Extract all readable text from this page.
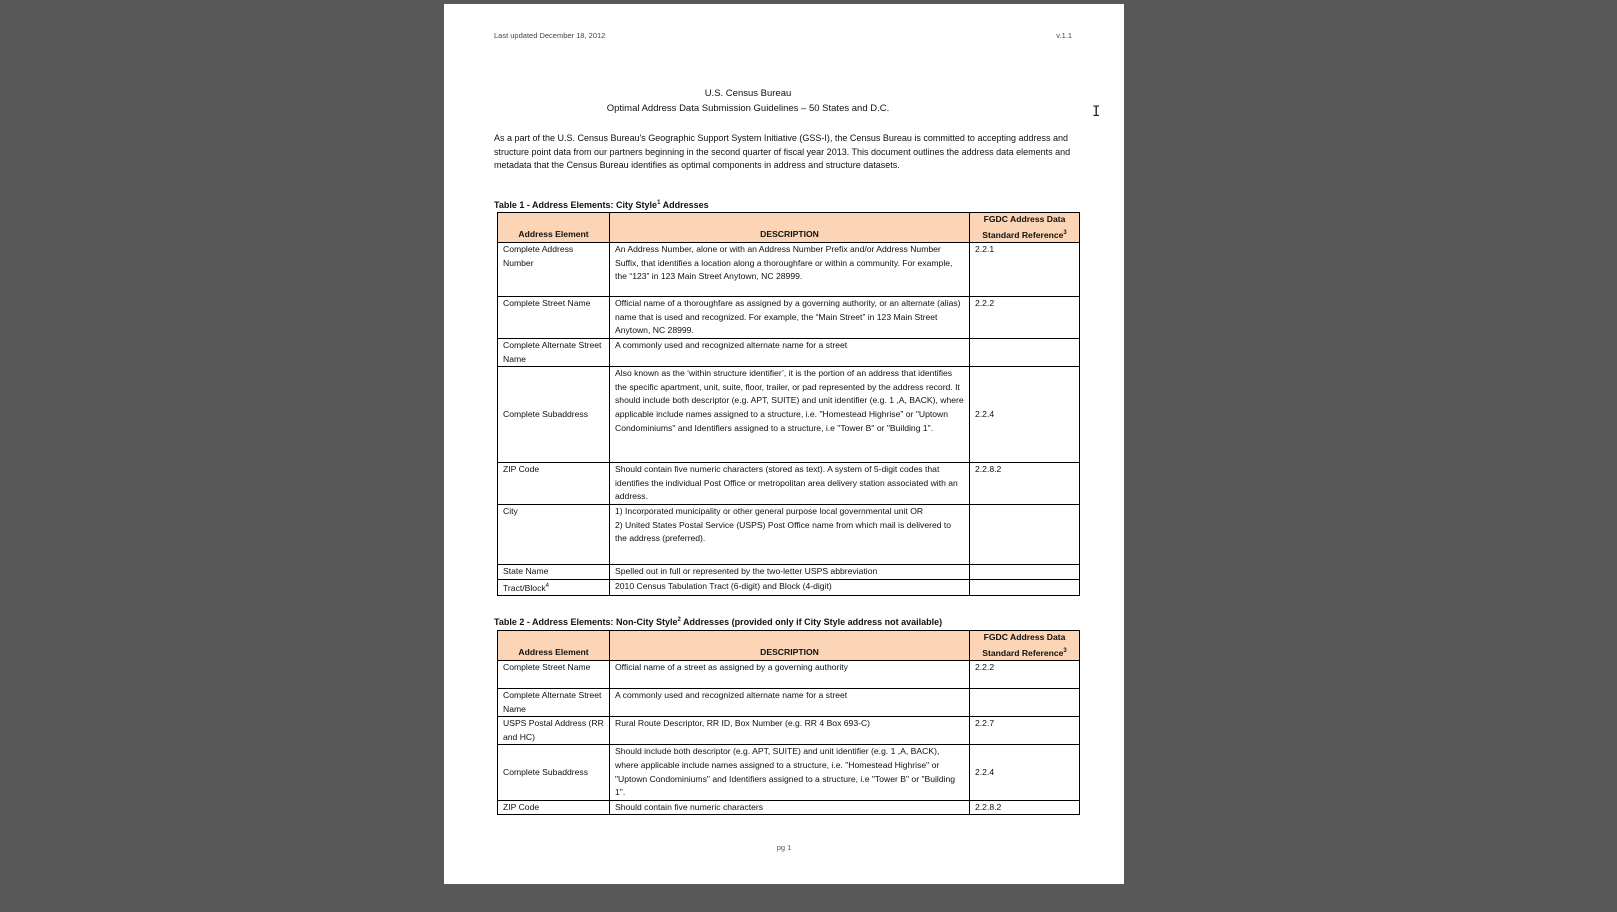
Last updated December 18, 2012	v.1.1
U.S. Census Bureau
Optimal Address Data Submission Guidelines – 50 States and D.C.
As a part of the U.S. Census Bureau's Geographic Support System Initiative (GSS-I), the Census Bureau is committed to accepting address and structure point data from our partners beginning in the second quarter of fiscal year 2013. This document outlines the address data elements and metadata that the Census Bureau identifies as optimal components in address and structure datasets.
Table 1 - Address Elements: City Style$^1$ Addresses
Address Element	DESCRIPTION	FGDC Address Data Standard Reference$^3$
Complete Address Number	An Address Number, alone or with an Address Number Prefix and/or Address Number Suffix, that identifies a location along a thoroughfare or within a community. For example, the “123” in 123 Main Street Anytown, NC 28999.	2.2.1
Complete Street Name	Official name of a thoroughfare as assigned by a governing authority, or an alternate (alias) name that is used and recognized. For example, the “Main Street” in 123 Main Street Anytown, NC 28999.	2.2.2
Complete Alternate Street Name	A commonly used and recognized alternate name for a street	
Complete Subaddress	Also known as the ‘within structure identifier’, it is the portion of an address that identifies the specific apartment, unit, suite, floor, trailer, or pad represented by the address record. It should include both descriptor (e.g. APT, SUITE) and unit identifier (e.g. 1 ,A, BACK), where applicable include names assigned to a structure, i.e. "Homestead Highrise" or "Uptown Condominiums" and Identifiers assigned to a structure, i.e "Tower B" or "Building 1".	2.2.4
ZIP Code	Should contain five numeric characters (stored as text). A system of 5-digit codes that identifies the individual Post Office or metropolitan area delivery station associated with an address.	2.2.8.2
City	1) Incorporated municipality or other general purpose local governmental unit OR
2) United States Postal Service (USPS) Post Office name from which mail is delivered to the address (preferred).	
State Name	Spelled out in full or represented by the two-letter USPS abbreviation	
Tract/Block$^4$	2010 Census Tabulation Tract (6-digit) and Block (4-digit)	
Table 2 - Address Elements: Non-City Style$^2$ Addresses (provided only if City Style address not available)
Address Element	DESCRIPTION	FGDC Address Data Standard Reference$^3$
Complete Street Name	Official name of a street as assigned by a governing authority	2.2.2
Complete Alternate Street Name	A commonly used and recognized alternate name for a street	
USPS Postal Address (RR and HC)	Rural Route Descriptor, RR ID, Box Number (e.g. RR 4 Box 693-C)	2.2.7
Complete Subaddress	Should include both descriptor (e.g. APT, SUITE) and unit identifier (e.g. 1 ,A, BACK), where applicable include names assigned to a structure, i.e. "Homestead Highrise" or "Uptown Condominiums" and Identifiers assigned to a structure, i.e "Tower B" or "Building 1".	2.2.4
ZIP Code	Should contain five numeric characters	2.2.8.2
pg 1
I
